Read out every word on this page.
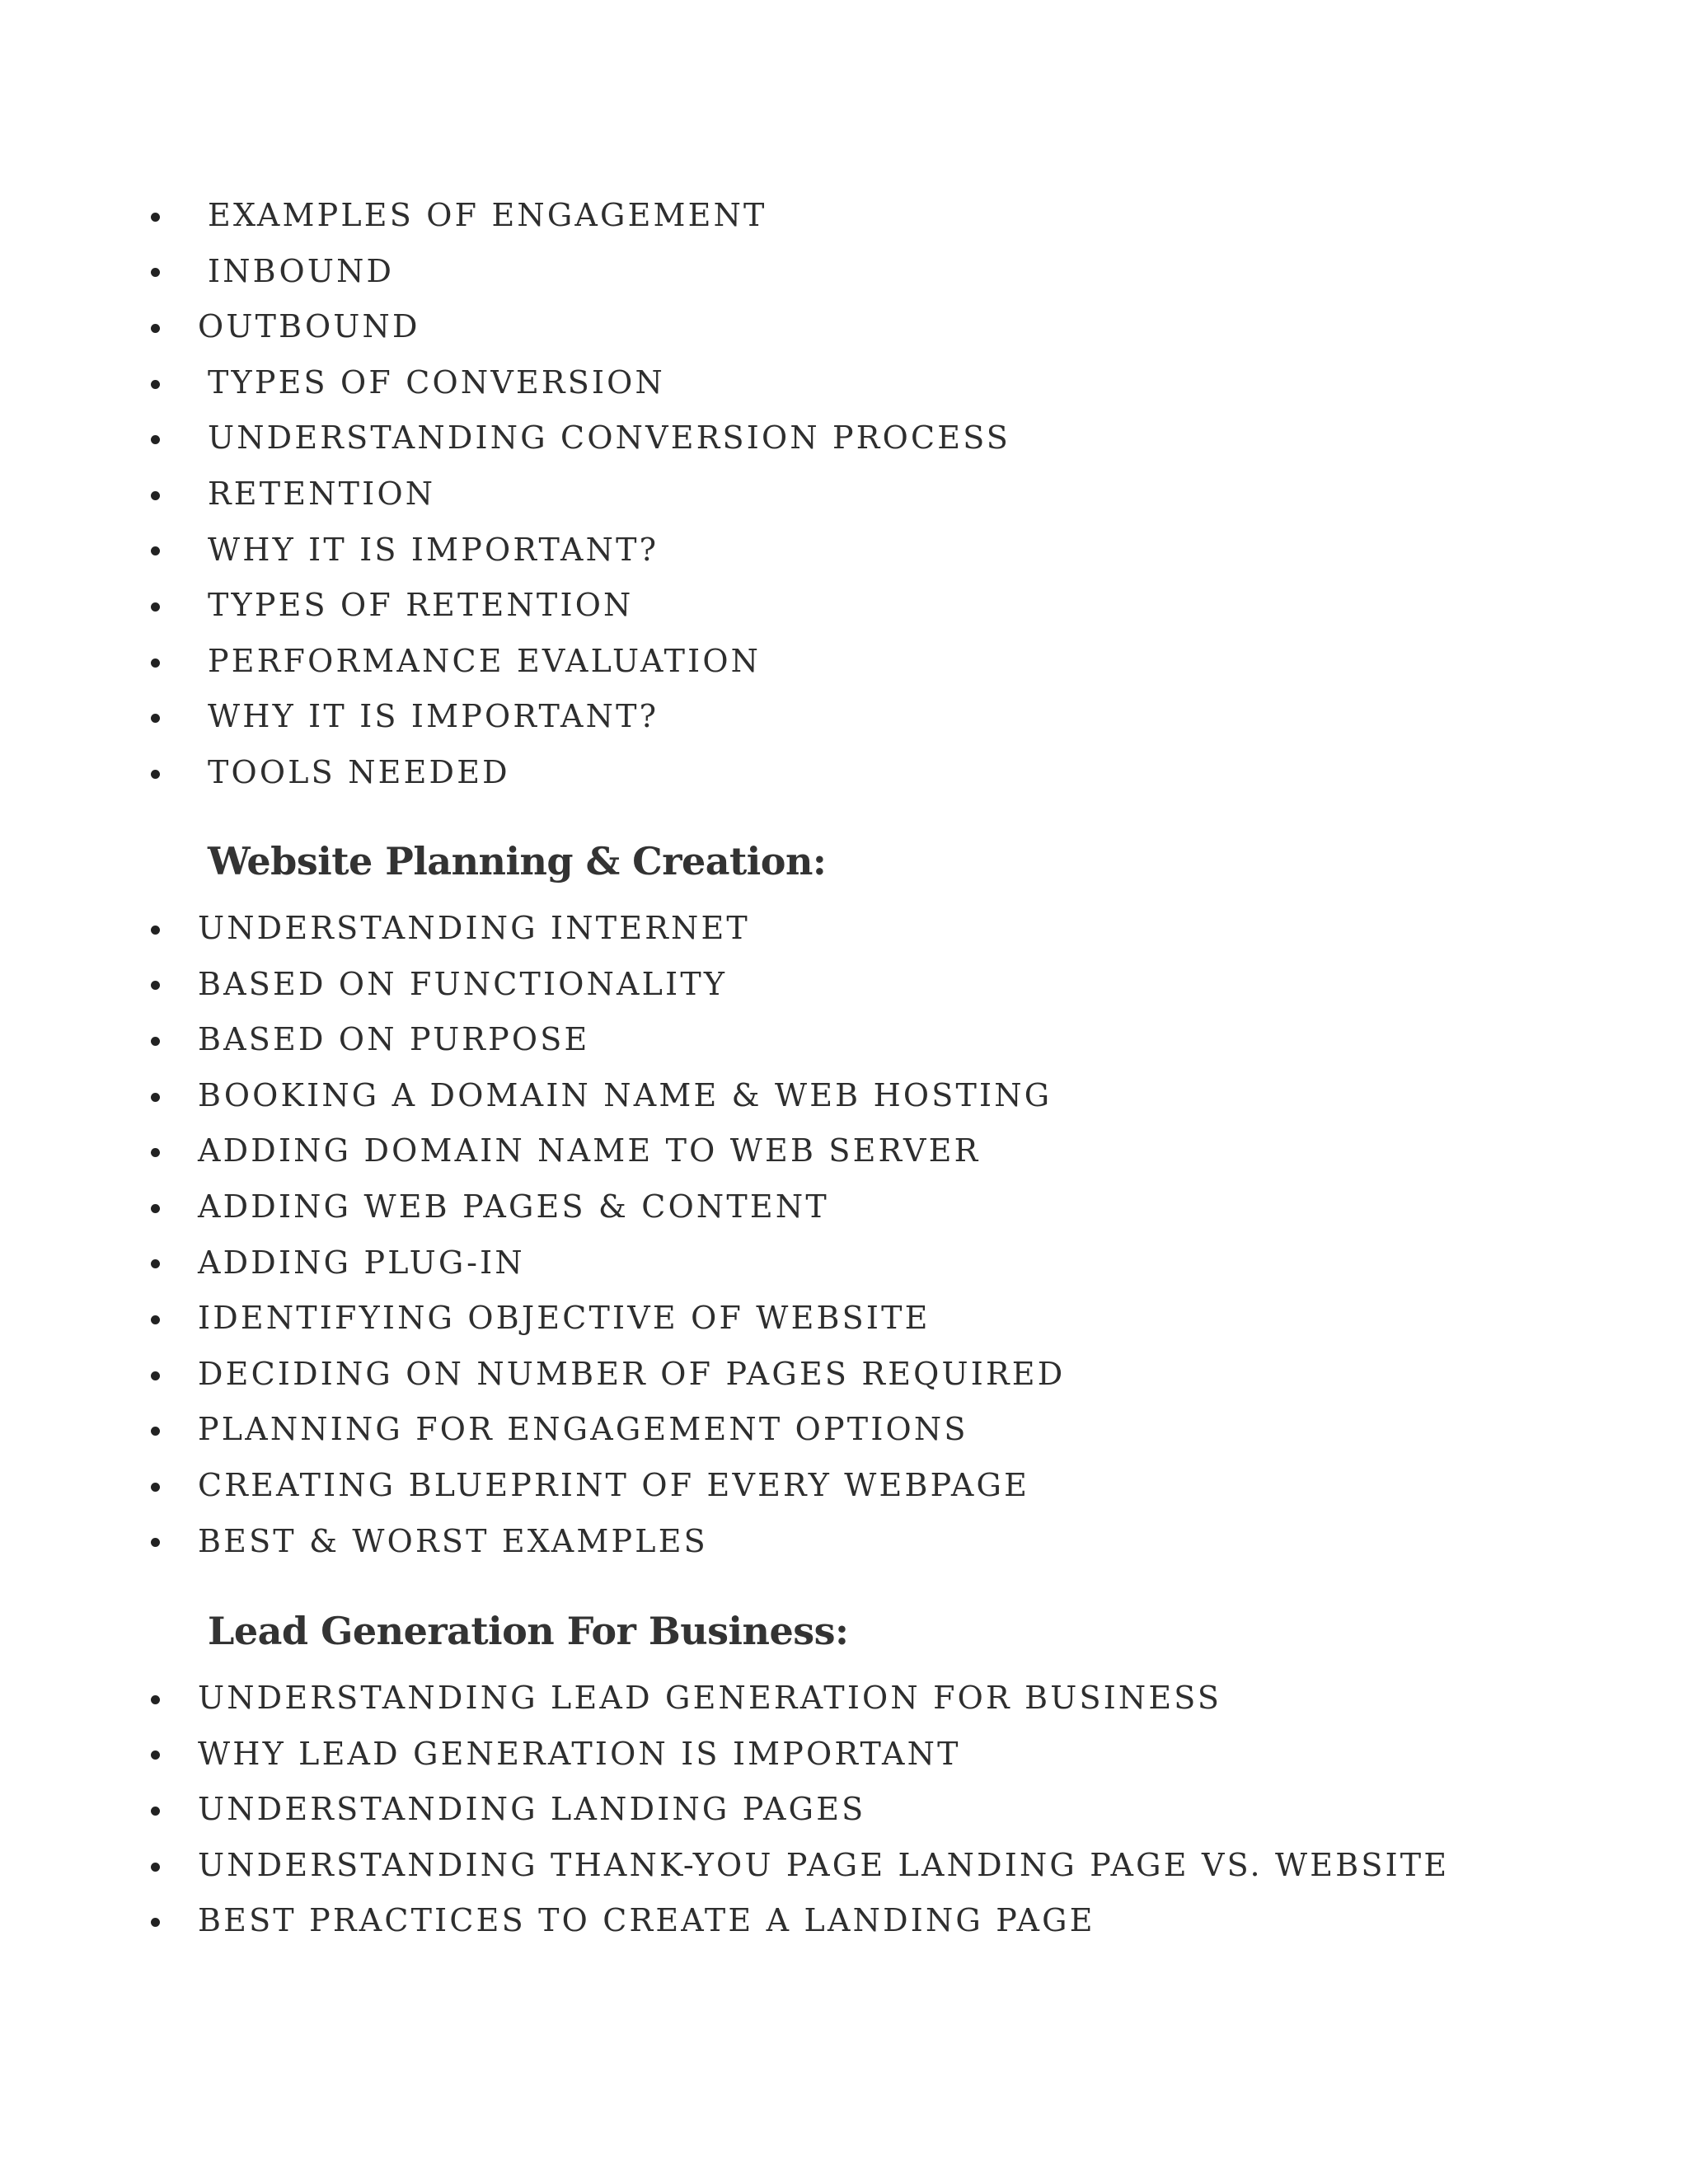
EXAMPLES OF ENGAGEMENT
INBOUND
OUTBOUND
TYPES OF CONVERSION
UNDERSTANDING CONVERSION PROCESS
RETENTION
WHY IT IS IMPORTANT?
TYPES OF RETENTION
PERFORMANCE EVALUATION
WHY IT IS IMPORTANT?
TOOLS NEEDED
Website Planning & Creation:
UNDERSTANDING INTERNET
BASED ON FUNCTIONALITY
BASED ON PURPOSE
BOOKING A DOMAIN NAME & WEB HOSTING
ADDING DOMAIN NAME TO WEB SERVER
ADDING WEB PAGES & CONTENT
ADDING PLUG-IN
IDENTIFYING OBJECTIVE OF WEBSITE
DECIDING ON NUMBER OF PAGES REQUIRED
PLANNING FOR ENGAGEMENT OPTIONS
CREATING BLUEPRINT OF EVERY WEBPAGE
BEST & WORST EXAMPLES
Lead Generation For Business:
UNDERSTANDING LEAD GENERATION FOR BUSINESS
WHY LEAD GENERATION IS IMPORTANT
UNDERSTANDING LANDING PAGES
UNDERSTANDING THANK-YOU PAGE LANDING PAGE VS. WEBSITE
BEST PRACTICES TO CREATE A LANDING PAGE
